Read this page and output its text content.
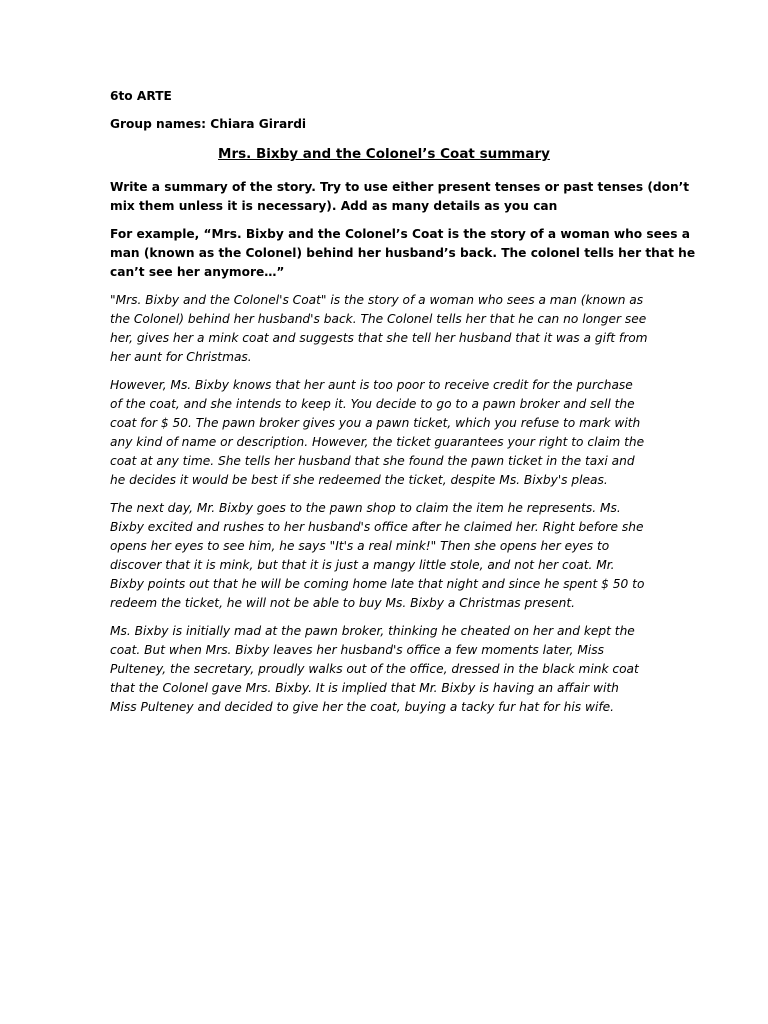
6to ARTE

Group names: Chiara Girardi

Mrs. Bixby and the Colonel’s Coat summary

Write a summary of the story. Try to use either present tenses or past tenses (don’t

mix them unless it is necessary). Add as many details as you can

For example, “Mrs. Bixby and the Colonel’s Coat is the story of a woman who sees a

man (known as the Colonel) behind her husband’s back. The colonel tells her that he

can’t see her anymore…”

"Mrs. Bixby and the Colonel's Coat" is the story of a woman who sees a man (known as

the Colonel) behind her husband's back. The Colonel tells her that he can no longer see

her, gives her a mink coat and suggests that she tell her husband that it was a gift from

her aunt for Christmas.

However, Ms. Bixby knows that her aunt is too poor to receive credit for the purchase

of the coat, and she intends to keep it. You decide to go to a pawn broker and sell the

coat for $ 50. The pawn broker gives you a pawn ticket, which you refuse to mark with

any kind of name or description. However, the ticket guarantees your right to claim the

coat at any time. She tells her husband that she found the pawn ticket in the taxi and

he decides it would be best if she redeemed the ticket, despite Ms. Bixby's pleas.

The next day, Mr. Bixby goes to the pawn shop to claim the item he represents. Ms.

Bixby excited and rushes to her husband's office after he claimed her. Right before she

opens her eyes to see him, he says "It's a real mink!" Then she opens her eyes to

discover that it is mink, but that it is just a mangy little stole, and not her coat. Mr.

Bixby points out that he will be coming home late that night and since he spent $ 50 to

redeem the ticket, he will not be able to buy Ms. Bixby a Christmas present.

Ms. Bixby is initially mad at the pawn broker, thinking he cheated on her and kept the

coat. But when Mrs. Bixby leaves her husband's office a few moments later, Miss

Pulteney, the secretary, proudly walks out of the office, dressed in the black mink coat

that the Colonel gave Mrs. Bixby. It is implied that Mr. Bixby is having an affair with

Miss Pulteney and decided to give her the coat, buying a tacky fur hat for his wife.
